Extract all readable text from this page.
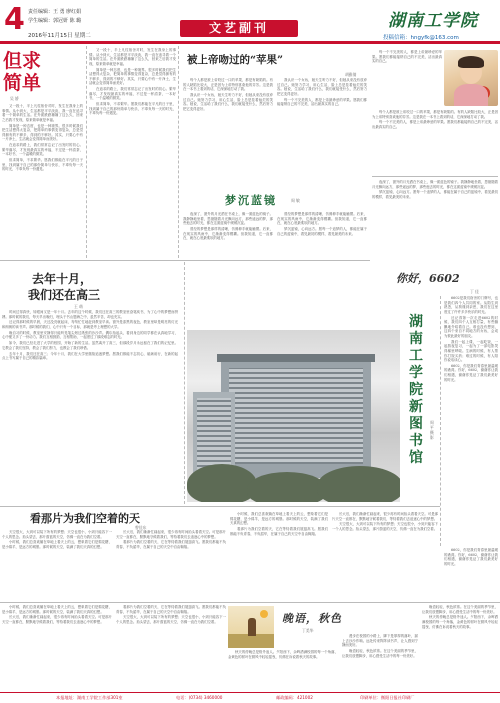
4 责任编辑：王 勇 廖红娟
学生编辑：郭冠妍 陈 璐
2016年11月15日 星期二
文艺副刊	湖南工学院
投稿信箱：hngyfk@163.com
但求简单
吴 娇

又一段十，半上凡柱宿舍对时，发生在我身上的事情。从小到大，生活都是平平淡淡，我一直在追寻着一个简单的生活。在外面跌跌撞撞了这么久，回来之后我才发现，原来简单就是幸福。

简单是一种态度，也是一种境界。很多时候我们把生活想得太复杂，把简单的事情变得复杂，总是觉得拥有的不够多，得到的不够好。其实，只要心中有一片净土，生活就会变得简单而美好。

在追求的路上，我们常常忘记了出发时的初心。繁华落尽，才发现最真实的幸福，不过是一杯清茶，一本好书，一个温暖的微笑。

但求简单，不求繁华。愿我们都能在平凡的日子里，找到属于自己的那份简单与快乐，不辜负每一天的时光，不辜负每一份遇见。

又一段十，半上凡柱宿舍对时，发生在我身上的事情。从小到大，生活都是平平淡淡，我一直在追寻着一个简单的生活。在外面跌跌撞撞了这么久，回来之后我才发现，原来简单就是幸福。

简单是一种态度，也是一种境界。很多时候我们把生活想得太复杂，把简单的事情变得复杂，总是觉得拥有的不够多，得到的不够好。其实，只要心中有一片净土，生活就会变得简单而美好。

在追求的路上，我们常常忘记了出发时的初心。繁华落尽，才发现最真实的幸福，不过是一杯清茶，一本好书，一个温暖的微笑。

但求简单，不求繁华。愿我们都能在平凡的日子里，找到属于自己的那份简单与快乐，不辜负每一天的时光，不辜负每一份遇见。

被上帝吻过的“苹果”
胡雅倩

每个人都是被上帝咬过一口的苹果，都是有缺陷的。有的人缺陷比较大，正是因为上帝特别喜欢他的芬芳。这是我在一本书上看到的话，它深深地打动了我。

我认识一个女孩，她天生听力不好，但她从来没有放弃过自己。她努力学习，用心生活，脸上总是挂着灿烂的笑容。她说，生活给了我们什么，我们就接受什么，然后努力把它变得更好。

我认识一个女孩，她天生听力不好，但她从来没有放弃过自己。她努力学习，用心生活，脸上总是挂着灿烂的笑容。她说，生活给了我们什么，我们就接受什么，然后努力把它变得更好。

每一个不完美的人，都是上帝最珍爱的苹果。愿我们都能接纳自己的不完美，活出最真实的自己。

梦沉蓝镜	周 敏

夜深了，窗外的月光洒在书桌上，像一面蓝色的镜子。我静静地坐着，思绪随着月光飘向远方，那些遥远的梦，那些逝去的时光，都在这面蓝镜中缓缓沉淀。

曾经的梦想是那样的清晰，仿佛伸手就能触摸。后来，在现实的风雨中，它渐渐变得模糊。但我知道，它一直都在，就在心底最柔软的地方。

曾经的梦想是那样的清晰，仿佛伸手就能触摸。后来，在现实的风雨中，它渐渐变得模糊。但我知道，它一直都在，就在心底最柔软的地方。

梦沉蓝镜，心向远方。愿每一个追梦的人，都能在属于自己的蓝镜中，看见最初的模样，看见最美的未来。

每一个不完美的人，都是上帝最珍爱的苹果。愿我们都能接纳自己的不完美，活出最真实的自己。

每个人都是被上帝咬过一口的苹果，都是有缺陷的。有的人缺陷比较大，正是因为上帝特别喜欢他的芬芳。这是我在一本书上看到的话，它深深地打动了我。

每一个不完美的人，都是上帝最珍爱的苹果。愿我们都能接纳自己的不完美，活出最真实的自己。

夜深了，窗外的月光洒在书桌上，像一面蓝色的镜子。我静静地坐着，思绪随着月光飘向远方，那些遥远的梦，那些逝去的时光，都在这面蓝镜中缓缓沉淀。

梦沉蓝镜，心向远方。愿每一个追梦的人，都能在属于自己的蓝镜中，看见最初的模样，看见最美的未来。

你好，6602
丁 佳
去年十月，
我们还在高三
王 萌

时间过得真快，转眼间又是一年十月。去年的这个时候，我们还在高三的教室里奋笔疾书，为了心中的梦想而拼搏。那时候的我们，每天早出晚归，埋头于书山题海之中，虽然辛苦，却也充实。

还记得那时候的早晨，天还没亮就起床，匆匆忙忙地赶到教室早读。窗外是漆黑的夜色，教室里却是明亮的灯光和朗朗的读书声。那时候的我们，心中只有一个目标，那就是考上理想的大学。

晚自习的时候，教室里安静得只能听见笔尖划过纸张的沙沙声。偶尔抬起头，看到身边的同学都在认真地学习，心中便又多了一份动力。我们互相鼓励，互相帮助，一起度过了那段难忘的时光。

如今，我们已经走进了大学的校园，开始了新的生活。虽然离开了高三，但那段岁月永远留在了我们的记忆里。它教会了我们坚持，教会了我们努力，也教会了我们珍惜。

去年十月，我们还在高三；今年十月，我们在大学里继续追逐梦想。愿我们都能不忘初心，砥砺前行，在新的起点上书写属于自己的精彩篇章。

湖南工学院新图书馆
周 平 摄影

6602是我们宿舍的门牌号，也是我们四个人共同的家。从陌生到熟悉，从拘谨到亲密，我们在这里度过了许许多多快乐的时光。

还记得第一次走进6602的时候，我们四个人互相打量，有些腼腆地介绍着自己。谁也没有想到，这四个来自不同地方的女孩，会成为彼此最好的朋友。

我们一起上课，一起吃饭，一起熬夜复习，一起为了一部电影哭得稀里哗啦。生病的时候，有人帮你打饭买药；难过的时候，有人陪你说话谈心。

6602，你是我们青春里最温暖的港湾。你好，6602，谢谢你让我们相遇，谢谢你见证了我们最美好的时光。

看那片为我们空着的天
曾佳东

天空很大，大到可以装下所有的梦想；天空也很小，小到只能容下一个人的思念。抬头望去，那片蔚蓝的天空，仿佛一直在为我们空着。

小时候，我们总喜欢躺在草地上看天上的云，想象着它们是棉花糖，是小绵羊，是远方的城堡。那时候的天空，装满了我们天真的幻想。

长大后，我们渐渐忙碌起来，很少再有时间抬头看看天空。可是那片天空一直都在，默默地守候着我们，等待着我们去追逐心中的梦想。

看那片为我们空着的天，它在等待着我们展翅高飞。愿我们都能不负青春，不负韶华，在属于自己的天空中自由翱翔。

小时候，我们总喜欢躺在草地上看天上的云，想象着它们是棉花糖，是小绵羊，是远方的城堡。那时候的天空，装满了我们天真的幻想。

看那片为我们空着的天，它在等待着我们展翅高飞。愿我们都能不负青春，不负韶华，在属于自己的天空中自由翱翔。

长大后，我们渐渐忙碌起来，很少再有时间抬头看看天空。可是那片天空一直都在，默默地守候着我们，等待着我们去追逐心中的梦想。

天空很大，大到可以装下所有的梦想；天空也很小，小到只能容下一个人的思念。抬头望去，那片蔚蓝的天空，仿佛一直在为我们空着。

6602，你是我们青春里最温暖的港湾。你好，6602，谢谢你让我们相遇，谢谢你见证了我们最美好的时光。

小时候，我们总喜欢躺在草地上看天上的云，想象着它们是棉花糖，是小绵羊，是远方的城堡。那时候的天空，装满了我们天真的幻想。

长大后，我们渐渐忙碌起来，很少再有时间抬头看看天空。可是那片天空一直都在，默默地守候着我们，等待着我们去追逐心中的梦想。

看那片为我们空着的天，它在等待着我们展翅高飞。愿我们都能不负青春，不负韶华，在属于自己的天空中自由翱翔。

天空很大，大到可以装下所有的梦想；天空也很小，小到只能容下一个人的思念。抬头望去，那片蔚蓝的天空，仿佛一直在为我们空着。	晚语，秋色
丁美华

秋天的傍晚总是格外迷人。夕阳西下，余晖洒满校园的每一个角落，金黄色的树叶在微风中轻轻摇曳，仿佛在诉说着秋天的故事。

漫步在校园的小路上，脚下是厚厚的落叶，踩上去沙沙作响。远处传来阵阵读书声，让人感到宁静而美好。

晚语轻轻，秋色浓浓。在这个美丽的季节里，让我们放慢脚步，用心感受生活中的每一份美好。

晚语轻轻，秋色浓浓。在这个美丽的季节里，让我们放慢脚步，用心感受生活中的每一份美好。

秋天的傍晚总是格外迷人。夕阳西下，余晖洒满校园的每一个角落，金黄色的树叶在微风中轻轻摇曳，仿佛在诉说着秋天的故事。

本报地址：湖南工学院工作部301室	电话：(0734) 3460000	邮政编码：421002	印刷单位：衡阳日报社印刷厂
